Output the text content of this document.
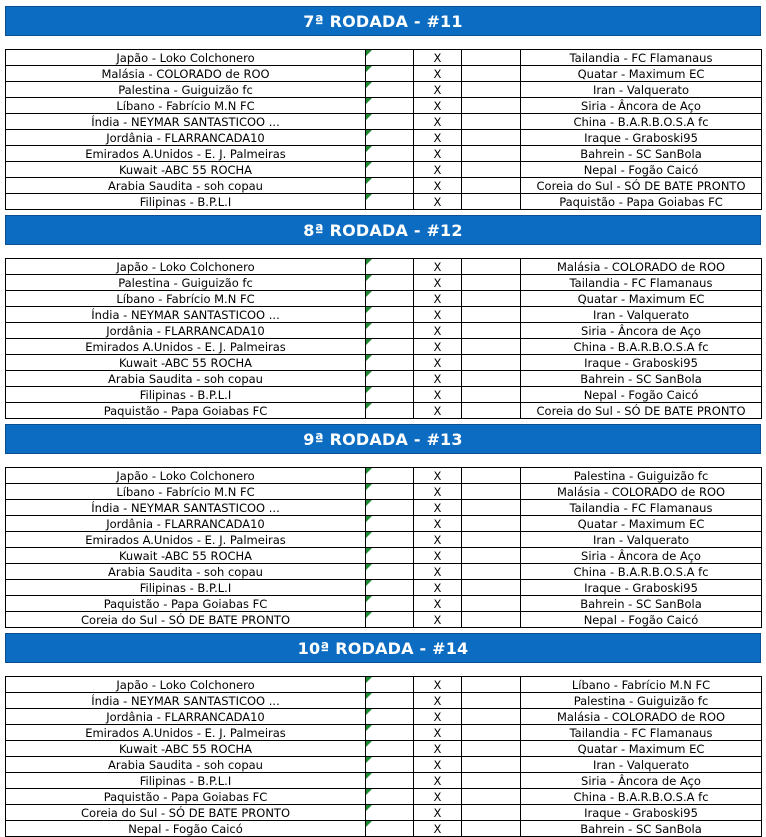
7ª RODADA - #11
Japão - Loko Colchonero		X		Tailandia - FC Flamanaus
Malásia - COLORADO de ROO		X		Quatar - Maximum EC
Palestina - Guiguizão fc		X		Iran - Valquerato
Líbano - Fabrício M.N FC		X		Siria - Âncora de Aço
Índia - NEYMAR SANTASTICOO ...		X		China - B.A.R.B.O.S.A fc
Jordânia - FLARRANCADA10		X		Iraque - Graboski95
Emirados A.Unidos - E. J. Palmeiras		X		Bahrein - SC SanBola
Kuwait -ABC 55 ROCHA		X		Nepal - Fogão Caicó
Arabia Saudita - soh copau		X		Coreia do Sul - SÓ DE BATE PRONTO
Filipinas - B.P.L.I		X		Paquistão - Papa Goiabas FC
8ª RODADA - #12
Japão - Loko Colchonero		X		Malásia - COLORADO de ROO
Palestina - Guiguizão fc		X		Tailandia - FC Flamanaus
Líbano - Fabrício M.N FC		X		Quatar - Maximum EC
Índia - NEYMAR SANTASTICOO ...		X		Iran - Valquerato
Jordânia - FLARRANCADA10		X		Siria - Âncora de Aço
Emirados A.Unidos - E. J. Palmeiras		X		China - B.A.R.B.O.S.A fc
Kuwait -ABC 55 ROCHA		X		Iraque - Graboski95
Arabia Saudita - soh copau		X		Bahrein - SC SanBola
Filipinas - B.P.L.I		X		Nepal - Fogão Caicó
Paquistão - Papa Goiabas FC		X		Coreia do Sul - SÓ DE BATE PRONTO
9ª RODADA - #13
Japão - Loko Colchonero		X		Palestina - Guiguizão fc
Líbano - Fabrício M.N FC		X		Malásia - COLORADO de ROO
Índia - NEYMAR SANTASTICOO ...		X		Tailandia - FC Flamanaus
Jordânia - FLARRANCADA10		X		Quatar - Maximum EC
Emirados A.Unidos - E. J. Palmeiras		X		Iran - Valquerato
Kuwait -ABC 55 ROCHA		X		Siria - Âncora de Aço
Arabia Saudita - soh copau		X		China - B.A.R.B.O.S.A fc
Filipinas - B.P.L.I		X		Iraque - Graboski95
Paquistão - Papa Goiabas FC		X		Bahrein - SC SanBola
Coreia do Sul - SÓ DE BATE PRONTO		X		Nepal - Fogão Caicó
10ª RODADA - #14
Japão - Loko Colchonero		X		Líbano - Fabrício M.N FC
Índia - NEYMAR SANTASTICOO ...		X		Palestina - Guiguizão fc
Jordânia - FLARRANCADA10		X		Malásia - COLORADO de ROO
Emirados A.Unidos - E. J. Palmeiras		X		Tailandia - FC Flamanaus
Kuwait -ABC 55 ROCHA		X		Quatar - Maximum EC
Arabia Saudita - soh copau		X		Iran - Valquerato
Filipinas - B.P.L.I		X		Siria - Âncora de Aço
Paquistão - Papa Goiabas FC		X		China - B.A.R.B.O.S.A fc
Coreia do Sul - SÓ DE BATE PRONTO		X		Iraque - Graboski95
Nepal - Fogão Caicó		X		Bahrein - SC SanBola
